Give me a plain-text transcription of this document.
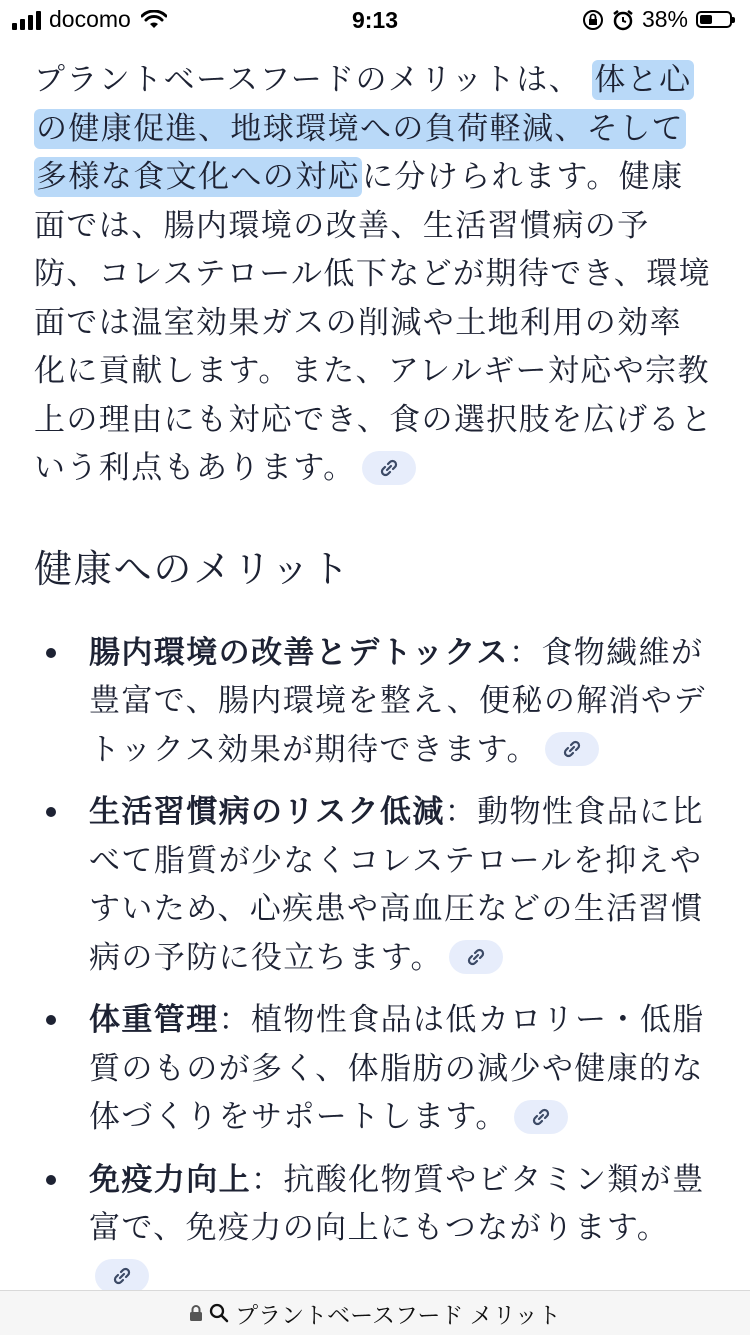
docomo	9:13	38%

プラントベースフードのメリットは、 体と心の健康促進、地球環境への負荷軽減、そして多様な食文化への対応に分けられます。健康面では、腸内環境の改善、生活習慣病の予防、コレステロール低下などが期待でき、環境面では温室効果ガスの削減や土地利用の効率化に貢献します。また、アレルギー対応や宗教上の理由にも対応でき、食の選択肢を広げるという利点もあります。

健康へのメリット
腸内環境の改善とデトックス：食物繊維が豊富で、腸内環境を整え、便秘の解消やデトックス効果が期待できます。
生活習慣病のリスク低減：動物性食品に比べて脂質が少なくコレステロールを抑えやすいため、心疾患や高血圧などの生活習慣病の予防に役立ちます。
体重管理：植物性食品は低カロリー・低脂質のものが多く、体脂肪の減少や健康的な体づくりをサポートします。
免疫力向上：抗酸化物質やビタミン類が豊富で、免疫力の向上にもつながります。
プラントベースフード メリット
